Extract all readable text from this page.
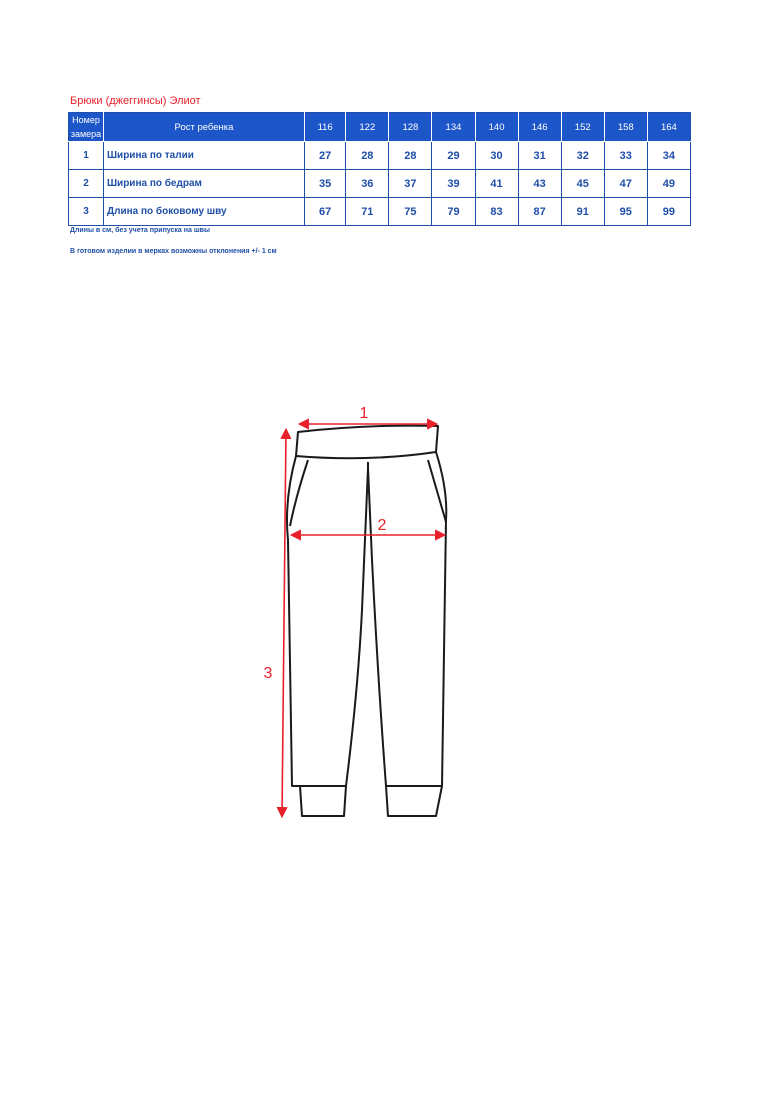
Брюки (джеггинсы) Элиот
Номер замера	Рост ребенка	116	122	128	134	140	146	152	158	164
1	Ширина по талии	27	28	28	29	30	31	32	33	34
2	Ширина по бедрам	35	36	37	39	41	43	45	47	49
3	Длина по боковому шву	67	71	75	79	83	87	91	95	99
Длины в см, без учета припуска на швы
В готовом изделии в мерках возможны отклонения +/- 1 см
1
2
3
